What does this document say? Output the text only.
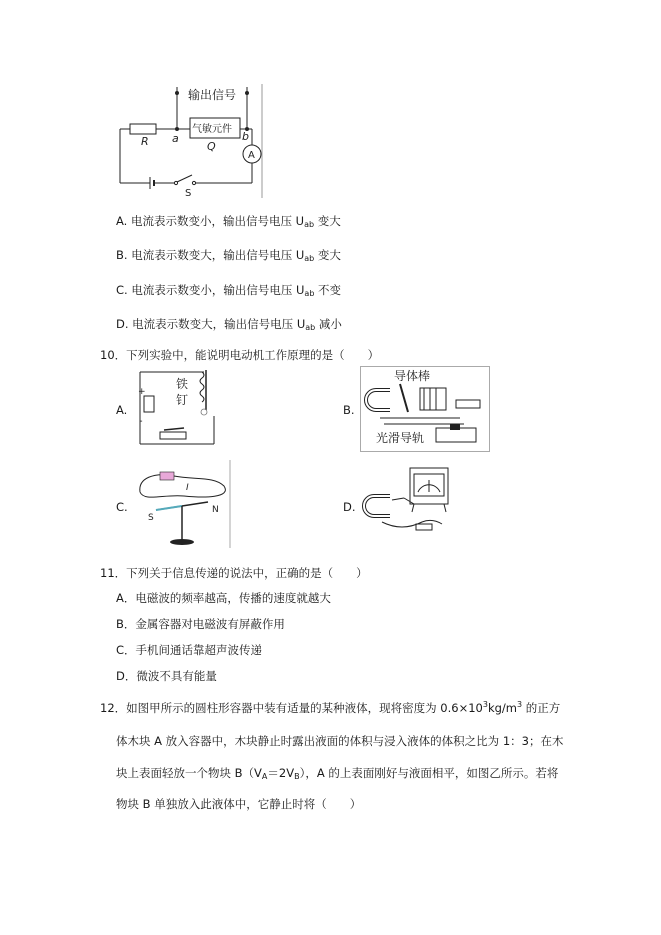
输出信号
R a
气敏元件
Q
b
A
S
A. 电流表示数变小，输出信号电压 $U_{ab}$ 变大
B. 电流表示数变大，输出信号电压 $U_{ab}$ 变大
C. 电流表示数变小，输出信号电压 $U_{ab}$ 不变
D. 电流表示数变大，输出信号电压 $U_{ab}$ 减小
10．下列实验中，能说明电动机工作原理的是（　　）
A.
+
-
铁
钉
B.
导体棒
光滑导轨
C.
I
S
N	D.
11．下列关于信息传递的说法中，正确的是（　　）
A．电磁波的频率越高，传播的速度就越大
B．金属容器对电磁波有屏蔽作用
C．手机间通话靠超声波传递
D．微波不具有能量
12．如图甲所示的圆柱形容器中装有适量的某种液体，现将密度为 $0.6\times 10^3kg/m^3$ 的正方
体木块 A 放入容器中，木块静止时露出液面的体积与浸入液体的体积之比为 1：3；在木
块上表面轻放一个物块 $B(V_A=2V_B)$，A 的上表面刚好与液面相平，如图乙所示。若将
物块 B 单独放入此液体中，它静止时将（　　）
